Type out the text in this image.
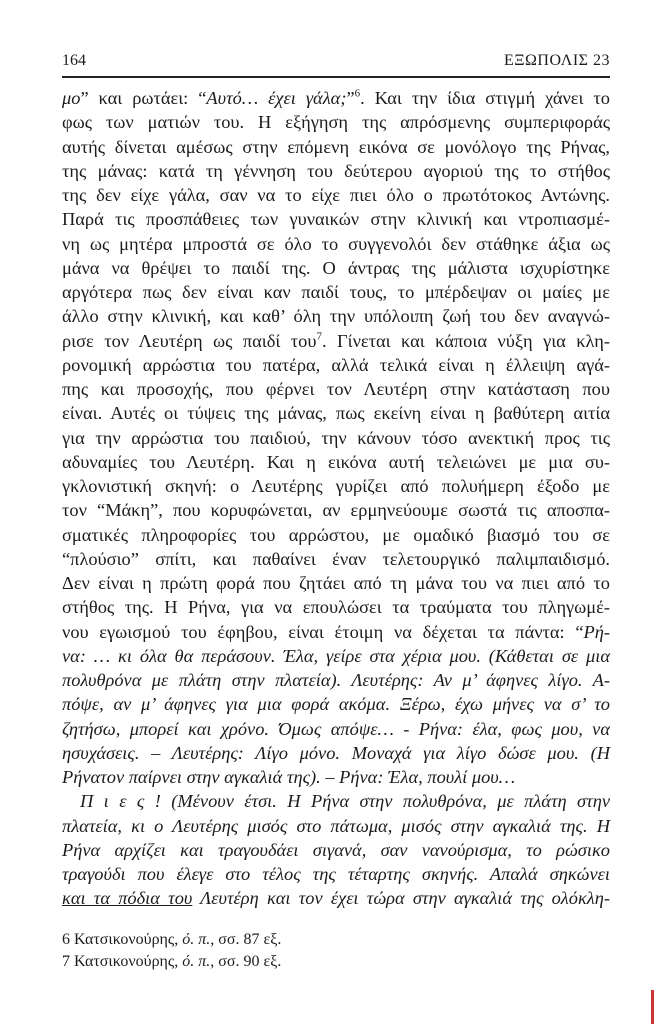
164	ΕΞΩΠΟΛΙΣ 23
μο” και ρωτάει: “Αυτό… έχει γάλα;”$^6$. Και την ίδια στιγμή χάνει το
φως των ματιών του. Η εξήγηση της απρόσμενης συμπεριφοράς
αυτής δίνεται αμέσως στην επόμενη εικόνα σε μονόλογο της Ρήνας,
της μάνας: κατά τη γέννηση του δεύτερου αγοριού της το στήθος
της δεν είχε γάλα, σαν να το είχε πιει όλο ο πρωτότοκος Αντώνης.
Παρά τις προσπάθειες των γυναικών στην κλινική και ντροπιασμέ-
νη ως μητέρα μπροστά σε όλο το συγγενολόι δεν στάθηκε άξια ως
μάνα να θρέψει το παιδί της. Ο άντρας της μάλιστα ισχυρίστηκε
αργότερα πως δεν είναι καν παιδί τους, το μπέρδεψαν οι μαίες με
άλλο στην κλινική, και καθ’ όλη την υπόλοιπη ζωή του δεν αναγνώ-
ρισε τον Λευτέρη ως παιδί του$^7$. Γίνεται και κάποια νύξη για κλη-
ρονομική αρρώστια του πατέρα, αλλά τελικά είναι η έλλειψη αγά-
πης και προσοχής, που φέρνει τον Λευτέρη στην κατάσταση που
είναι. Αυτές οι τύψεις της μάνας, πως εκείνη είναι η βαθύτερη αιτία
για την αρρώστια του παιδιού, την κάνουν τόσο ανεκτική προς τις
αδυναμίες του Λευτέρη. Και η εικόνα αυτή τελειώνει με μια συ-
γκλονιστική σκηνή: ο Λευτέρης γυρίζει από πολυήμερη έξοδο με
τον “Μάκη”, που κορυφώνεται, αν ερμηνεύουμε σωστά τις αποσπα-
σματικές πληροφορίες του αρρώστου, με ομαδικό βιασμό του σε
“πλούσιο” σπίτι, και παθαίνει έναν τελετουργικό παλιμπαιδισμό.
Δεν είναι η πρώτη φορά που ζητάει από τη μάνα του να πιει από το
στήθος της. Η Ρήνα, για να επουλώσει τα τραύματα του πληγωμέ-
νου εγωισμού του έφηβου, είναι έτοιμη να δέχεται τα πάντα: “Ρή-
να: … κι όλα θα περάσουν. Έλα, γείρε στα χέρια μου. (Κάθεται σε μια
πολυθρόνα με πλάτη στην πλατεία). Λευτέρης: Αν μ’ άφηνες λίγο. Α-
πόψε, αν μ’ άφηνες για μια φορά ακόμα. Ξέρω, έχω μήνες να σ’ το
ζητήσω, μπορεί και χρόνο. Όμως απόψε… - Ρήνα: έλα, φως μου, να
ησυχάσεις. – Λευτέρης: Λίγο μόνο. Μοναχά για λίγο δώσε μου. (Η
Ρήνατον παίρνει στην αγκαλιά της). – Ρήνα: Έλα, πουλί μου…
Π ι ε ς ! (Μένουν έτσι. Η Ρήνα στην πολυθρόνα, με πλάτη στην
πλατεία, κι ο Λευτέρης μισός στο πάτωμα, μισός στην αγκαλιά της. Η
Ρήνα αρχίζει και τραγουδάει σιγανά, σαν νανούρισμα, το ρώσικο
τραγούδι που έλεγε στο τέλος της τέταρτης σκηνής. Απαλά σηκώνει
και τα πόδια του Λευτέρη και τον έχει τώρα στην αγκαλιά της ολόκλη-
6 Κατσικονούρης, ό. π., σσ. 87 εξ.
7 Κατσικονούρης, ό. π., σσ. 90 εξ.
